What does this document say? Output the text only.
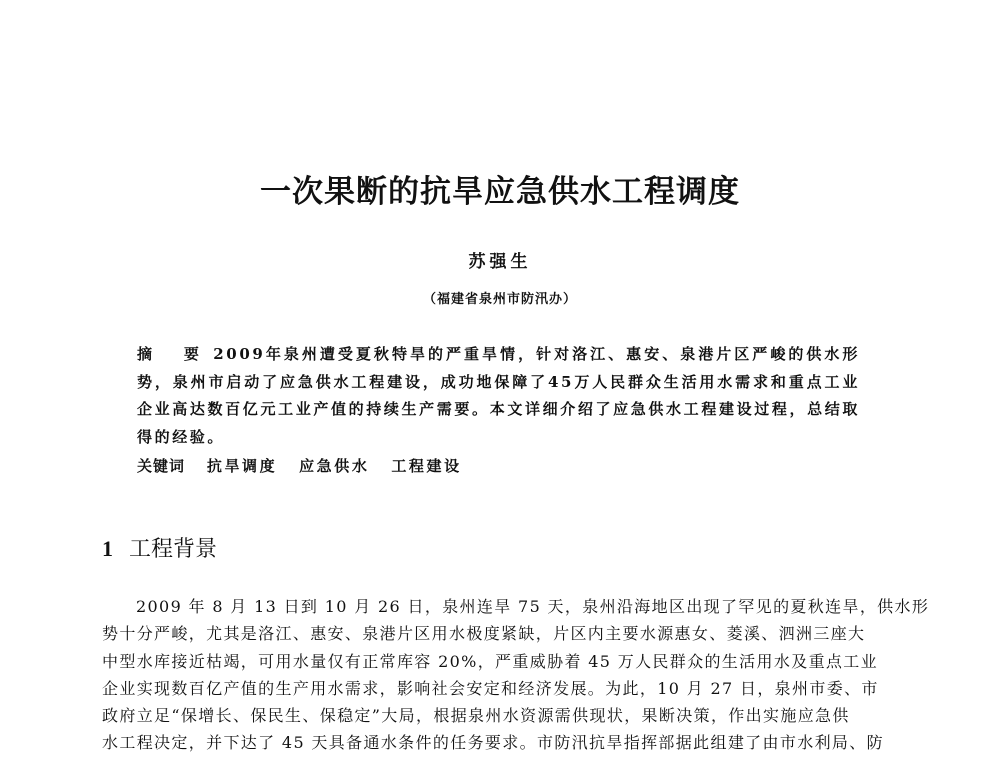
一次果断的抗旱应急供水工程调度
苏强生
（福建省泉州市防汛办）
摘　要 2009年泉州遭受夏秋特旱的严重旱情，针对洛江、惠安、泉港片区严峻的供水形势，泉州市启动了应急供水工程建设，成功地保障了45万人民群众生活用水需求和重点工业企业高达数百亿元工业产值的持续生产需要。本文详细介绍了应急供水工程建设过程，总结取得的经验。
关键词 抗旱调度 应急供水 工程建设
1 工程背景
2009 年 8 月 13 日到 10 月 26 日，泉州连旱 75 天，泉州沿海地区出现了罕见的夏秋连旱，供水形
势十分严峻，尤其是洛江、惠安、泉港片区用水极度紧缺，片区内主要水源惠女、菱溪、泗洲三座大
中型水库接近枯竭，可用水量仅有正常库容 20%，严重威胁着 45 万人民群众的生活用水及重点工业
企业实现数百亿产值的生产用水需求，影响社会安定和经济发展。为此，10 月 27 日，泉州市委、市
政府立足“保增长、保民生、保稳定”大局，根据泉州水资源需供现状，果断决策，作出实施应急供
水工程决定，并下达了 45 天具备通水条件的任务要求。市防汛抗旱指挥部据此组建了由市水利局、防
